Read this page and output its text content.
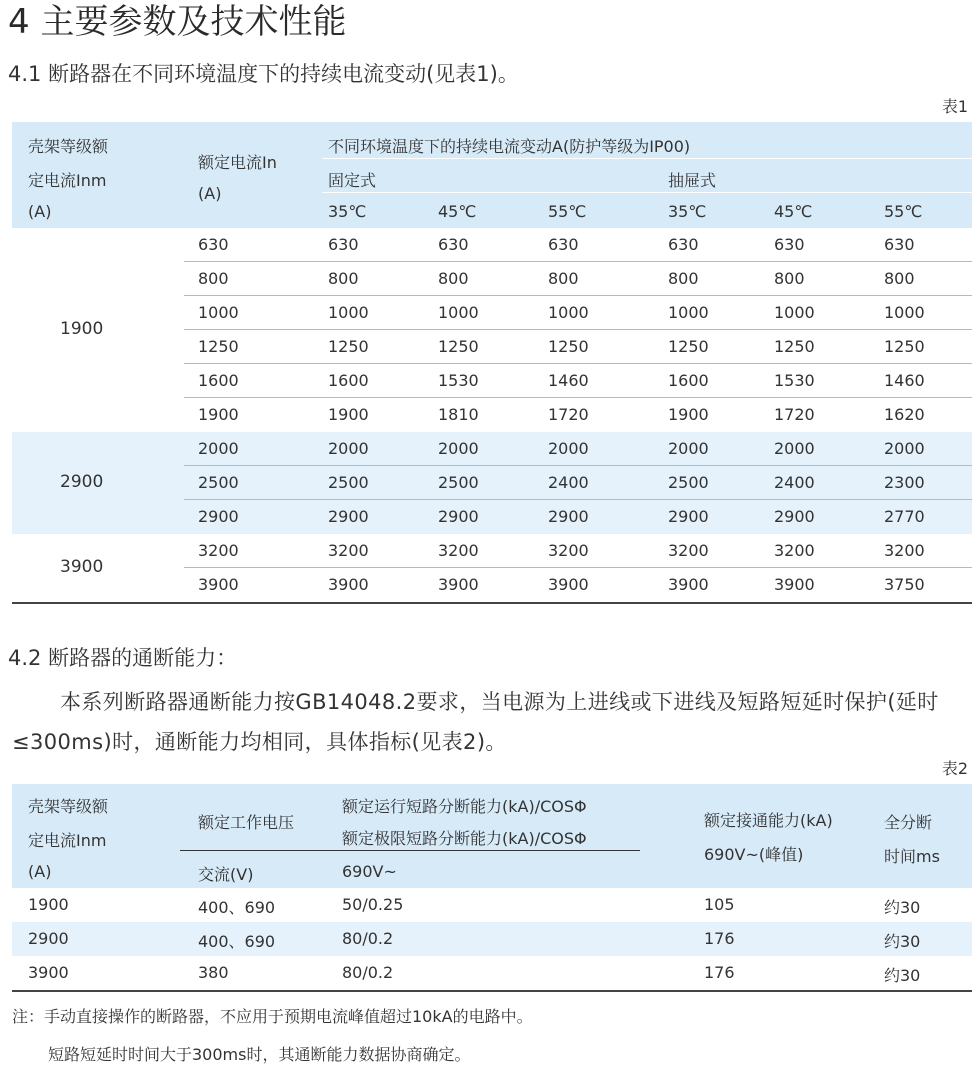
4 主要参数及技术性能
4.1 断路器在不同环境温度下的持续电流变动(见表1)。
表1
壳架等级额
定电流Inm
(A)
额定电流In
(A)
不同环境温度下的持续电流变动A(防护等级为IP00)
固定式	抽屉式
35℃	45℃	55℃	35℃	45℃	55℃
1900
630	630	630	630	630	630	630
800	800	800	800	800	800	800
1000	1000	1000	1000	1000	1000	1000
1250	1250	1250	1250	1250	1250	1250
1600	1600	1530	1460	1600	1530	1460
1900	1900	1810	1720	1900	1720	1620
2900
2000	2000	2000	2000	2000	2000	2000
2500	2500	2500	2400	2500	2400	2300
2900	2900	2900	2900	2900	2900	2770
3900
3200	3200	3200	3200	3200	3200	3200
3900	3900	3900	3900	3900	3900	3750
4.2 断路器的通断能力：
本系列断路器通断能力按GB14048.2要求，当电源为上进线或下进线及短路短延时保护(延时≤300ms)时，通断能力均相同，具体指标(见表2)。
表2
壳架等级额
定电流Inm
(A)
额定工作电压
交流(V)
额定运行短路分断能力(kA)/COSΦ
额定极限短路分断能力(kA)/COSΦ
690V~
额定接通能力(kA)
690V~(峰值)
全分断
时间ms
1900	400、690	50/0.25	105	约30
2900	400、690	80/0.2	176	约30
3900	380	80/0.2	176	约30
注：手动直接操作的断路器，不应用于预期电流峰值超过10kA的电路中。
短路短延时时间大于300ms时，其通断能力数据协商确定。
